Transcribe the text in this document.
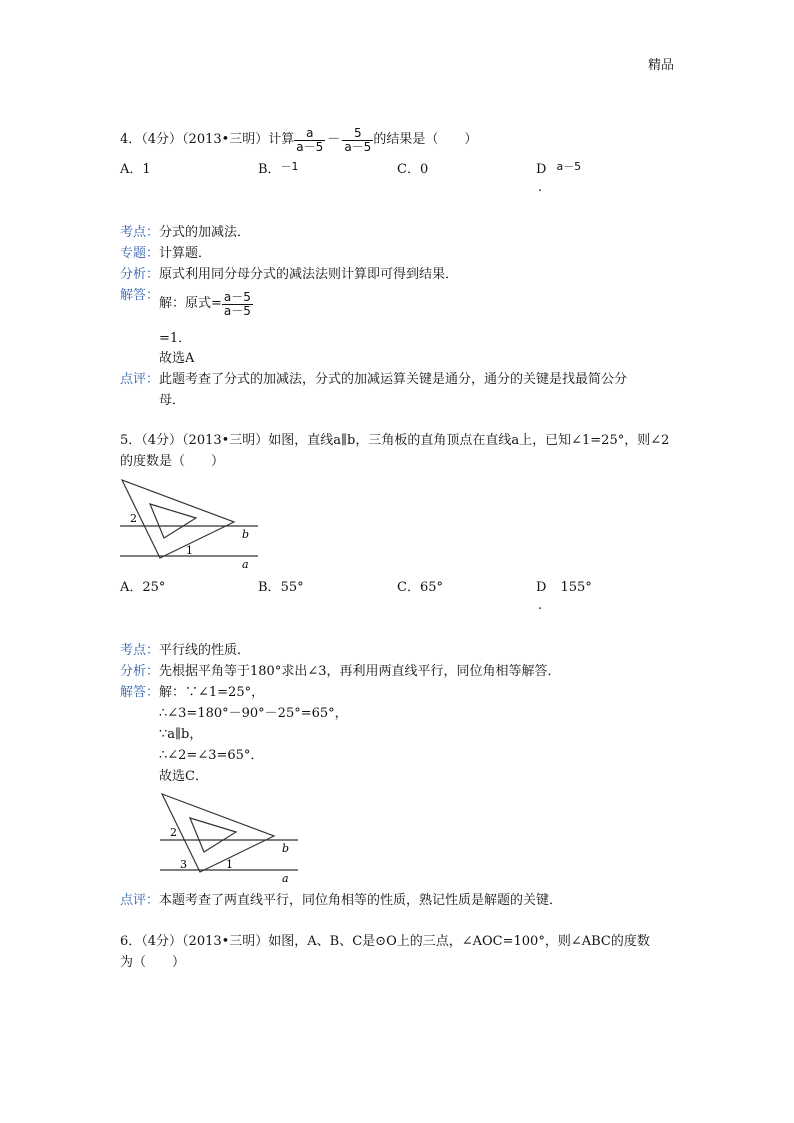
精品
4．（4分）（2013•三明）计算 $\frac{a}{a-5} - \frac{5}{a-5}$ 的结果是（　　）
A．1	B．$^{-1}$	C．0	D $^{a-5}$
.
考点：分式的加减法．
专题：计算题．
分析：原式利用同分母分式的减法法则计算即可得到结果．
解答：
解：原式= $\frac{a-5}{a-5}$
=1．
故选A
点评：此题考查了分式的加减法，分式的加减运算关键是通分，通分的关键是找最简公分
母．
5．（4分）（2013•三明）如图，直线a∥b，三角板的直角顶点在直线a上，已知∠1=25°，则∠2
的度数是（　　）
2
1
b
a
A．25°	B．55°	C．65°	D 155°
.
考点：平行线的性质．
分析：先根据平角等于180°求出∠3，再利用两直线平行，同位角相等解答．
解答： 解：∵∠1=25°，
∴∠3=180°－90°－25°=65°，
∵a∥b，
∴∠2=∠3=65°．
故选C．
2
3	1
b
a
点评：本题考查了两直线平行，同位角相等的性质，熟记性质是解题的关键．
6．（4分）（2013•三明）如图，A、B、C是⊙O上的三点，∠AOC=100°，则∠ABC的度数
为（　　）
